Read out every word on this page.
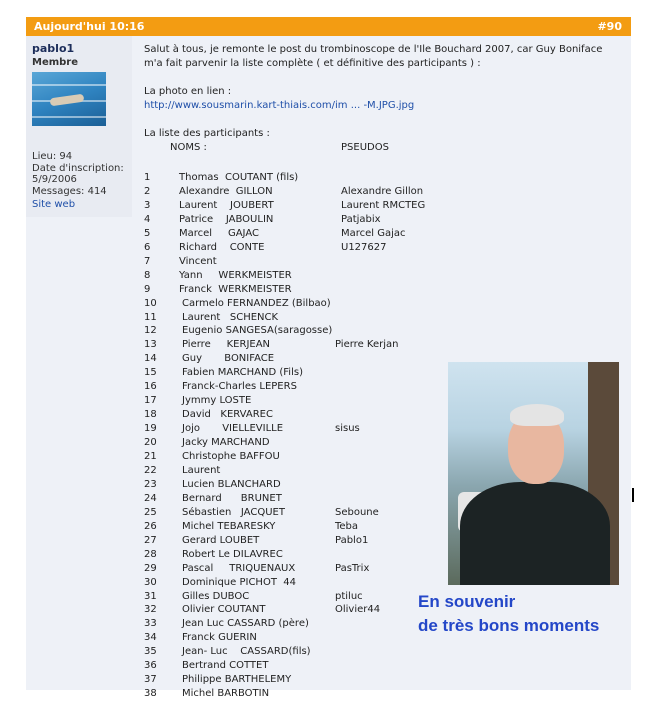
Aujourd'hui 10:16	#90
pablo1
Membre
Lieu: 94
Date d'inscription:
5/9/2006
Messages: 414
Site web
Salut à tous, je remonte le post du trombinoscope de l'Ile Bouchard 2007, car Guy Boniface m'a fait parvenir la liste complète ( et définitive des participants ) :
La photo en lien :
http://www.sousmarin.kart-thiais.com/im ... -M.JPG.jpg
La liste des participants :
NOMS :	PSEUDOS
1	Thomas  COUTANT (fils)
2	Alexandre  GILLON	Alexandre Gillon
3	Laurent    JOUBERT	Laurent RMCTEG
4	Patrice    JABOULIN	Patjabix
5	Marcel     GAJAC	Marcel Gajac
6	Richard    CONTE	U127627
7	Vincent
8	Yann     WERKMEISTER
9	Franck  WERKMEISTER
10	Carmelo FERNANDEZ (Bilbao)
11	Laurent   SCHENCK
12	Eugenio SANGESA(saragosse)
13	Pierre     KERJEAN	Pierre Kerjan
14	Guy       BONIFACE
15	Fabien MARCHAND (Fils)
16	Franck-Charles LEPERS
17	Jymmy LOSTE
18	David   KERVAREC
19	Jojo       VIELLEVILLE	sisus
20	Jacky MARCHAND
21	Christophe BAFFOU
22	Laurent
23	Lucien BLANCHARD
24	Bernard      BRUNET
25	Sébastien   JACQUET	Seboune
26	Michel TEBARESKY	Teba
27	Gerard LOUBET	Pablo1
28	Robert Le DILAVREC
29	Pascal     TRIQUENAUX	PasTrix
30	Dominique PICHOT  44
31	Gilles DUBOC	ptiluc
32	Olivier COUTANT	Olivier44
33	Jean Luc CASSARD (père)
34	Franck GUERIN
35	Jean- Luc    CASSARD(fils)
36	Bertrand COTTET
37	Philippe BARTHELEMY
38	Michel BARBOTIN
En souvenir
de très bons moments
